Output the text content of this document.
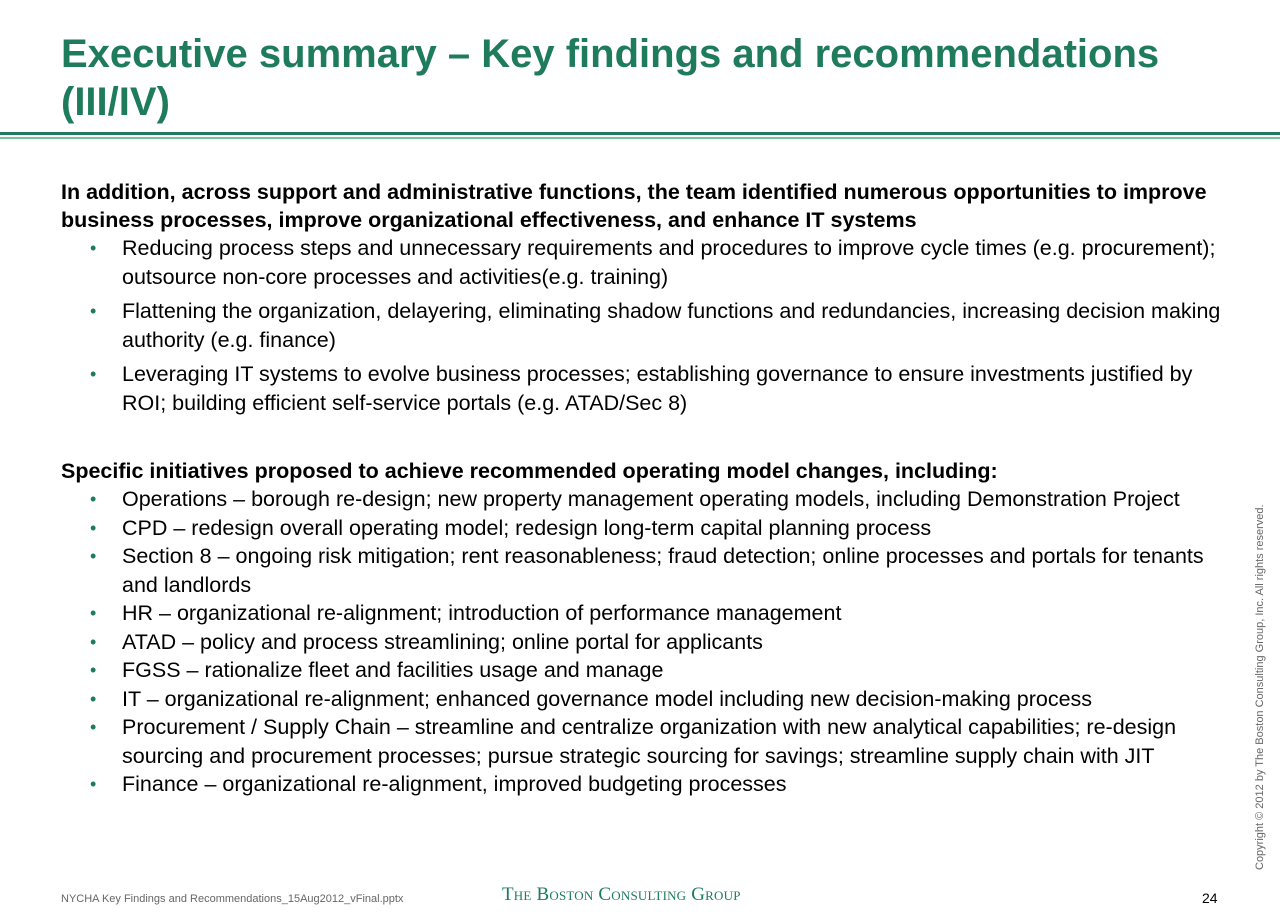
Executive summary – Key findings and recommendations (III/IV)

In addition, across support and administrative functions, the team identified numerous opportunities to improve business processes, improve organizational effectiveness, and enhance IT systems

• Reducing process steps and unnecessary requirements and procedures to improve cycle times (e.g. procurement); outsource non-core processes and activities(e.g. training)
• Flattening the organization, delayering, eliminating shadow functions and redundancies, increasing decision making authority (e.g. finance)
• Leveraging IT systems to evolve business processes; establishing governance to ensure investments justified by ROI; building efficient self-service portals (e.g. ATAD/Sec 8)

Specific initiatives proposed to achieve recommended operating model changes, including:

• Operations – borough re-design; new property management operating models, including Demonstration Project
• CPD – redesign overall operating model; redesign long-term capital planning process
• Section 8 – ongoing risk mitigation; rent reasonableness; fraud detection; online processes and portals for tenants and landlords
• HR – organizational re-alignment; introduction of performance management
• ATAD – policy and process streamlining; online portal for applicants
• FGSS – rationalize fleet and facilities usage and manage
• IT – organizational re-alignment; enhanced governance model including new decision-making process
• Procurement / Supply Chain – streamline and centralize organization with new analytical capabilities; re-design sourcing and procurement processes; pursue strategic sourcing for savings; streamline supply chain with JIT
• Finance – organizational re-alignment, improved budgeting processes
NYCHA Key Findings and Recommendations_15Aug2012_vFinal.pptx	The Boston Consulting Group	24
Copyright © 2012 by The Boston Consulting Group, Inc. All rights reserved.
